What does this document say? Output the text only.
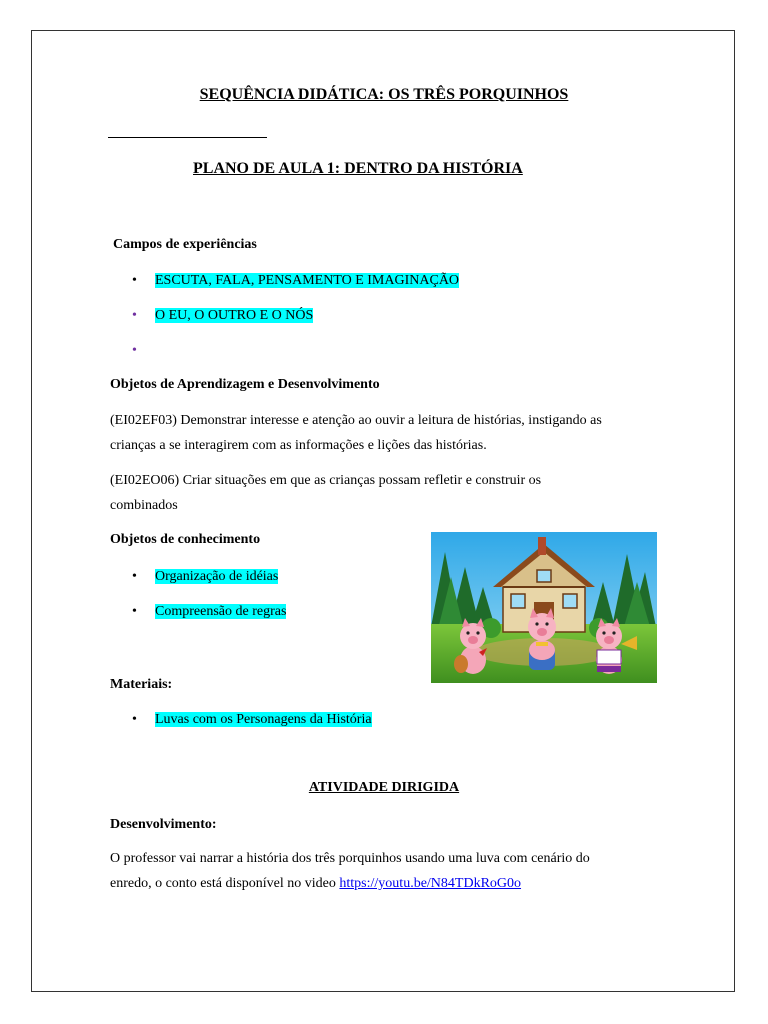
SEQUÊNCIA DIDÁTICA: OS TRÊS PORQUINHOS
PLANO DE AULA 1: DENTRO DA HISTÓRIA
Campos de experiências
• ESCUTA, FALA, PENSAMENTO E IMAGINAÇÃO
• O EU, O OUTRO E O NÓS
•
Objetos de Aprendizagem e Desenvolvimento
(EI02EF03) Demonstrar interesse e atenção ao ouvir a leitura de histórias, instigando as
crianças a se interagirem com as informações e lições das histórias.
(EI02EO06) Criar situações em que as crianças possam refletir e construir os
combinados
Objetos de conhecimento
• Organização de idéias
• Compreensão de regras
Materiais:
• Luvas com os Personagens da História
ATIVIDADE DIRIGIDA
Desenvolvimento:
O professor vai narrar a história dos três porquinhos usando uma luva com cenário do
enredo, o conto está disponível no video https://youtu.be/N84TDkRoG0o
